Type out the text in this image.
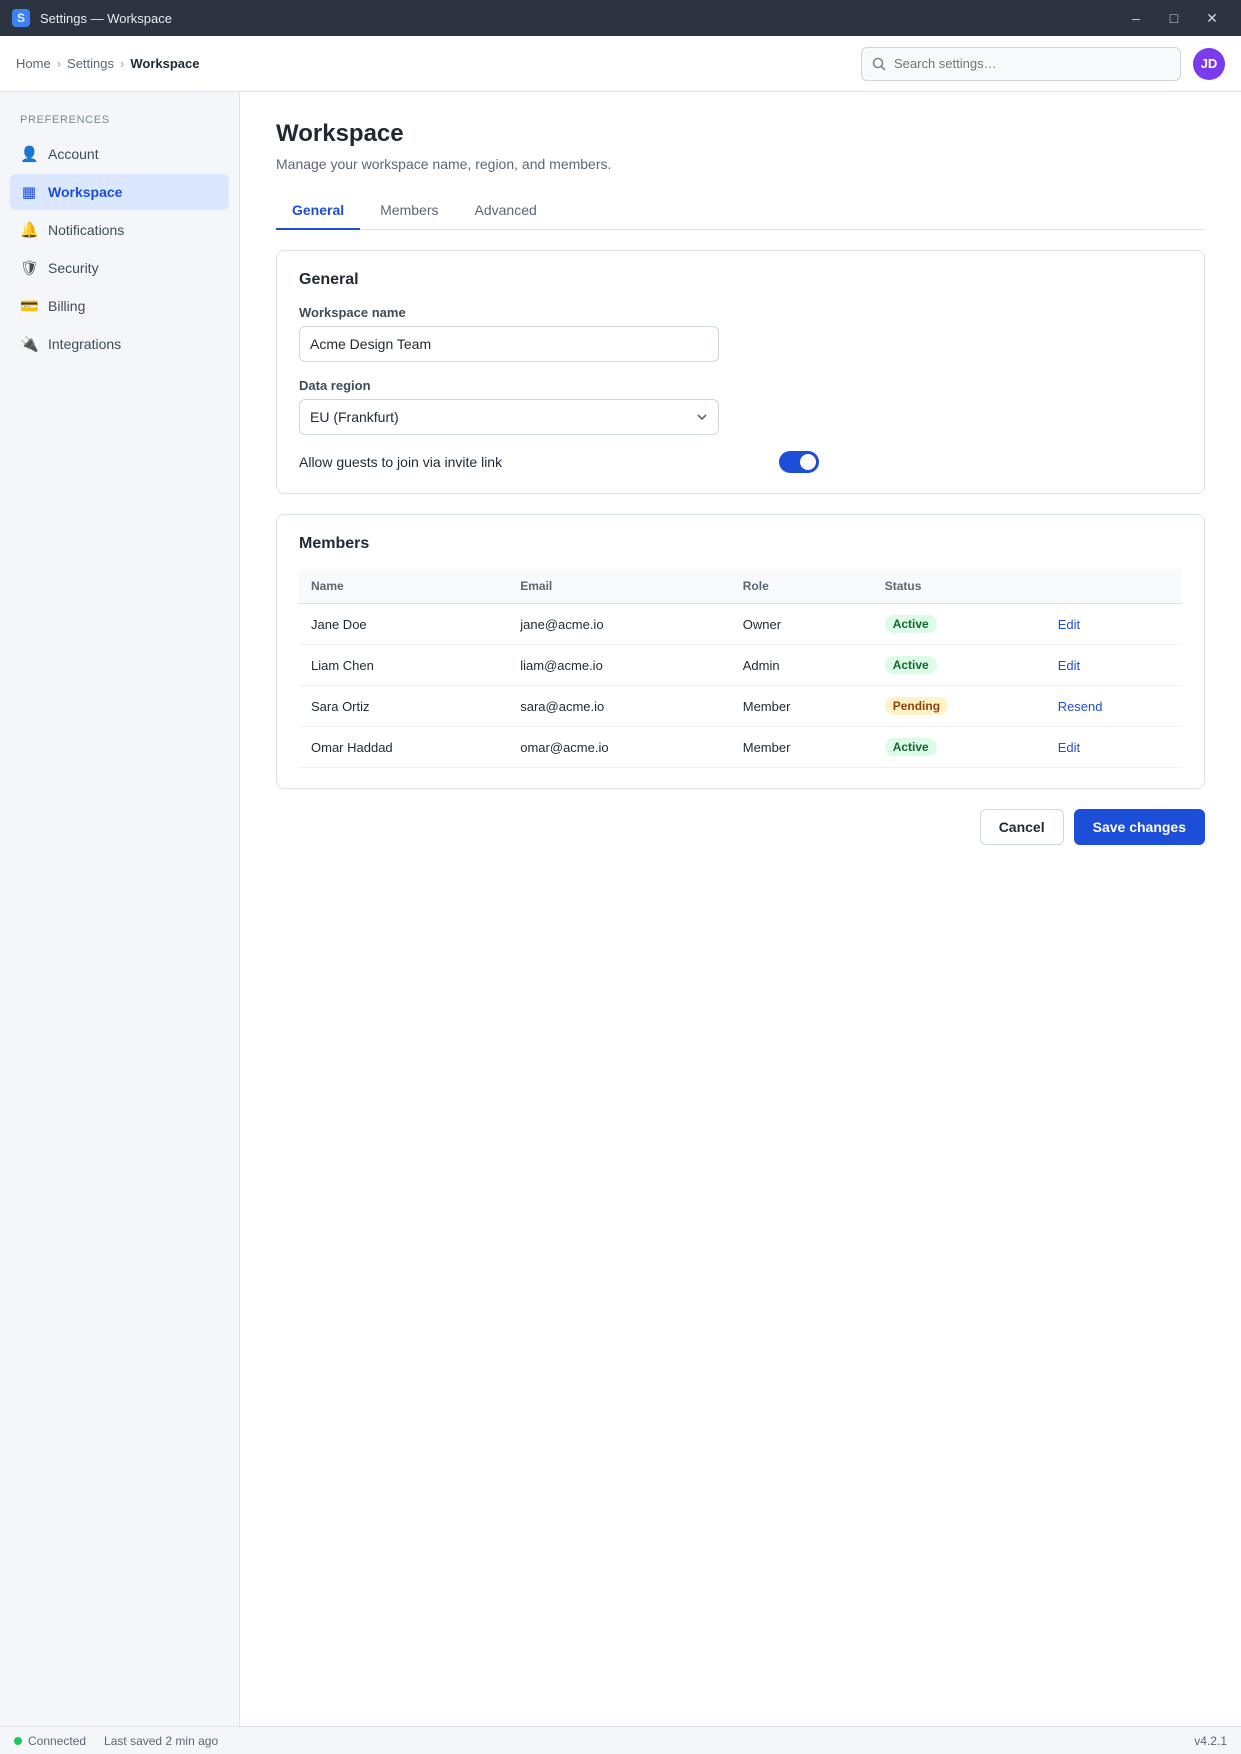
S	Settings — Workspace	–	□	✕
Home › Settings › Workspace
Search settings…	JD
PREFERENCES
👤 Account
▦ Workspace
🔔 Notifications
🛡 Security
💳 Billing
🔌 Integrations
Workspace

Manage your workspace name, region, and members.

General	Members	Advanced
General
Workspace name
Acme Design Team
Data region
EU (Frankfurt)
Allow guests to join via invite link
Members
Name	Email	Role	Status	
Jane Doe	jane@acme.io	Owner	Active	Edit
Liam Chen	liam@acme.io	Admin	Active	Edit
Sara Ortiz	sara@acme.io	Member	Pending	Resend
Omar Haddad	omar@acme.io	Member	Active	Edit
Cancel	Save changes
Connected Last saved 2 min ago	v4.2.1
